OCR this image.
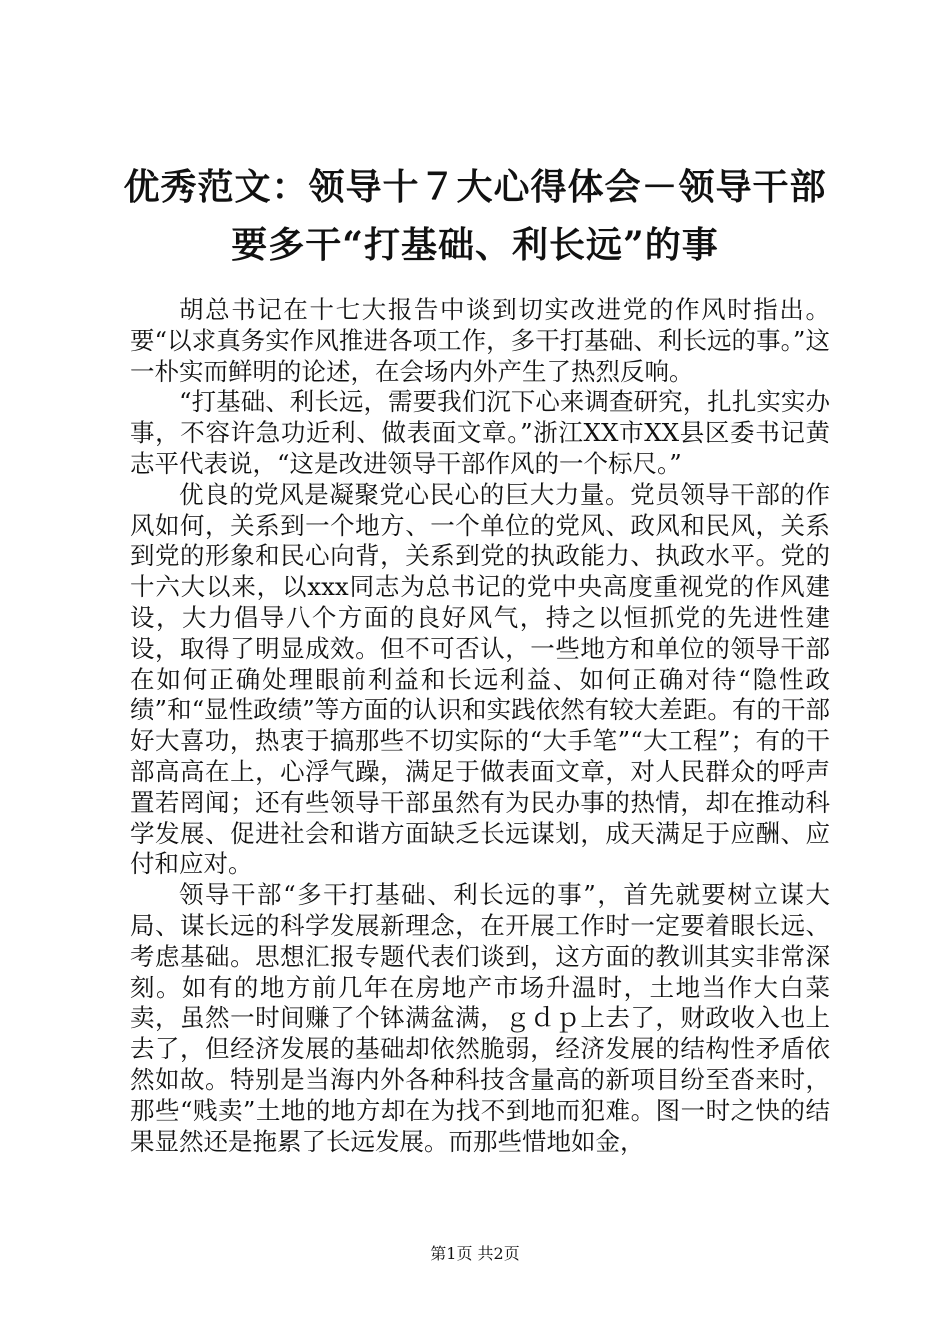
优秀范文：领导十７大心得体会－领导干部要多干“打基础、利长远”的事

胡总书记在十七大报告中谈到切实改进党的作风时指出。要“以求真务实作风推进各项工作，多干打基础、利长远的事。”这一朴实而鲜明的论述，在会场内外产生了热烈反响。

“打基础、利长远，需要我们沉下心来调查研究，扎扎实实办事，不容许急功近利、做表面文章。”浙江XX市XX县区委书记黄志平代表说，“这是改进领导干部作风的一个标尺。”

优良的党风是凝聚党心民心的巨大力量。党员领导干部的作风如何，关系到一个地方、一个单位的党风、政风和民风，关系到党的形象和民心向背，关系到党的执政能力、执政水平。党的十六大以来，以xxx同志为总书记的党中央高度重视党的作风建设，大力倡导八个方面的良好风气，持之以恒抓党的先进性建设，取得了明显成效。但不可否认，一些地方和单位的领导干部在如何正确处理眼前利益和长远利益、如何正确对待“隐性政绩”和“显性政绩”等方面的认识和实践依然有较大差距。有的干部好大喜功，热衷于搞那些不切实际的“大手笔”“大工程”；有的干部高高在上，心浮气躁，满足于做表面文章，对人民群众的呼声置若罔闻；还有些领导干部虽然有为民办事的热情，却在推动科学发展、促进社会和谐方面缺乏长远谋划，成天满足于应酬、应付和应对。

领导干部“多干打基础、利长远的事”，首先就要树立谋大局、谋长远的科学发展新理念，在开展工作时一定要着眼长远、考虑基础。思想汇报专题代表们谈到，这方面的教训其实非常深刻。如有的地方前几年在房地产市场升温时，土地当作大白菜卖，虽然一时间赚了个钵满盆满，ｇｄｐ上去了，财政收入也上去了，但经济发展的基础却依然脆弱，经济发展的结构性矛盾依然如故。特别是当海内外各种科技含量高的新项目纷至沓来时，那些“贱卖”土地的地方却在为找不到地而犯难。图一时之快的结果显然还是拖累了长远发展。而那些惜地如金，

第1页 共2页
